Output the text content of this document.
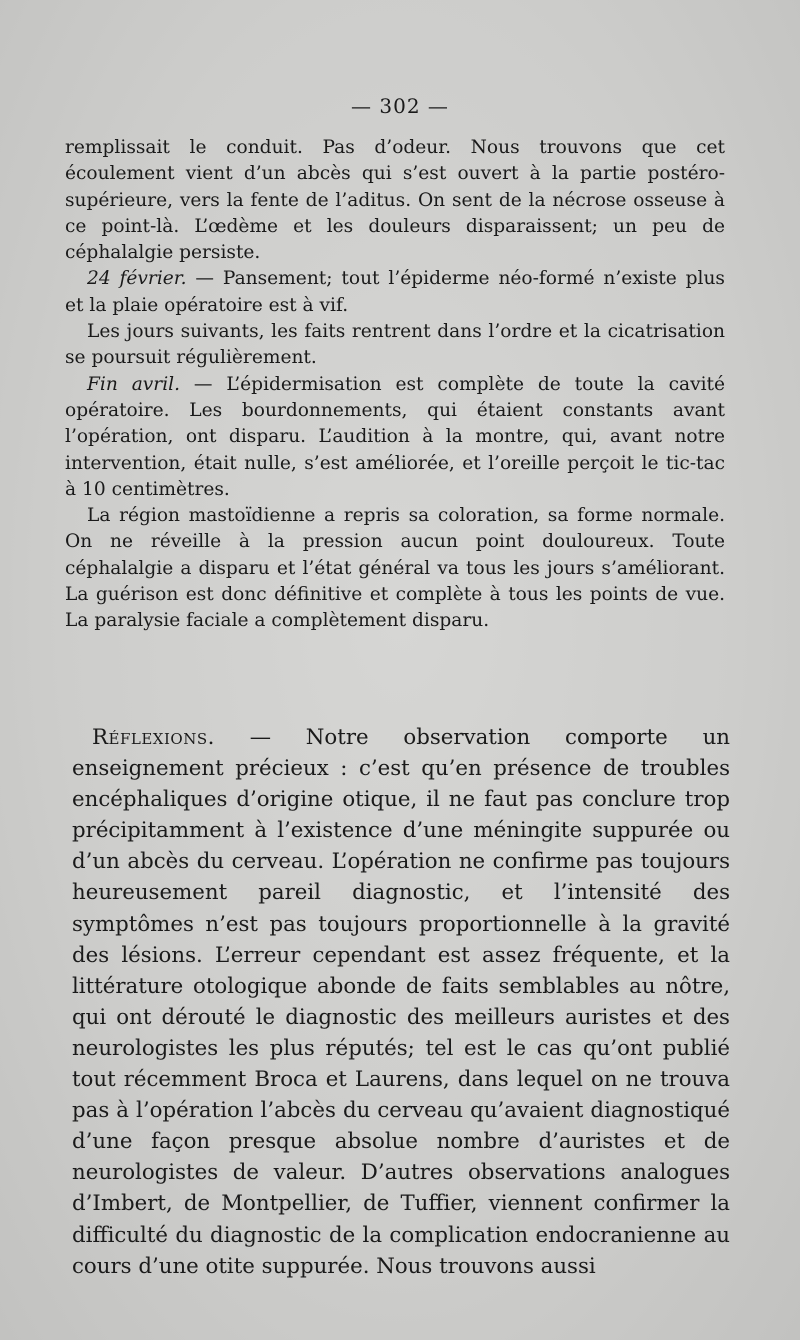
— 302 —

remplissait le conduit. Pas d’odeur. Nous trouvons que cet écoulement vient d’un abcès qui s’est ouvert à la partie postéro-supérieure, vers la fente de l’aditus. On sent de la nécrose osseuse à ce point-là. L’œdème et les douleurs disparaissent; un peu de céphalalgie persiste.

24 février. — Pansement; tout l’épiderme néo-formé n’existe plus et la plaie opératoire est à vif.

Les jours suivants, les faits rentrent dans l’ordre et la cicatrisation se poursuit régulièrement.

Fin avril. — L’épidermisation est complète de toute la cavité opératoire. Les bourdonnements, qui étaient constants avant l’opération, ont disparu. L’audition à la montre, qui, avant notre intervention, était nulle, s’est améliorée, et l’oreille perçoit le tic-tac à 10 centimètres.

La région mastoïdienne a repris sa coloration, sa forme normale. On ne réveille à la pression aucun point douloureux. Toute céphalalgie a disparu et l’état général va tous les jours s’améliorant. La guérison est donc définitive et complète à tous les points de vue. La paralysie faciale a complètement disparu.

Réflexions. — Notre observation comporte un enseignement précieux : c’est qu’en présence de troubles encéphaliques d’origine otique, il ne faut pas conclure trop précipitamment à l’existence d’une méningite suppurée ou d’un abcès du cerveau. L’opération ne confirme pas toujours heureusement pareil diagnostic, et l’intensité des symptômes n’est pas toujours proportionnelle à la gravité des lésions. L’erreur cependant est assez fréquente, et la littérature otologique abonde de faits semblables au nôtre, qui ont dérouté le diagnostic des meilleurs auristes et des neurologistes les plus réputés; tel est le cas qu’ont publié tout récemment Broca et Laurens, dans lequel on ne trouva pas à l’opération l’abcès du cerveau qu’avaient diagnostiqué d’une façon presque absolue nombre d’auristes et de neurologistes de valeur. D’autres observations analogues d’Imbert, de Montpellier, de Tuffier, viennent confirmer la difficulté du diagnostic de la complication endocranienne au cours d’une otite suppurée. Nous trouvons aussi
